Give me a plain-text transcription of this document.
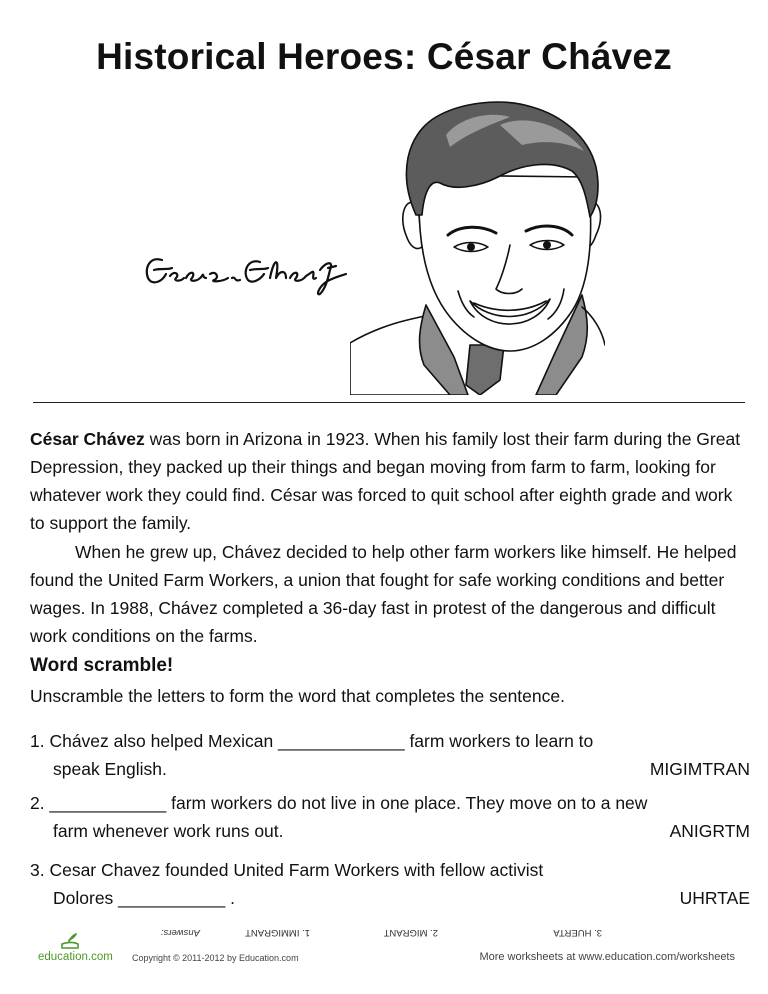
Historical Heroes: César Chávez

César Chávez was born in Arizona in 1923. When his family lost their farm during the Great Depression, they packed up their things and began moving from farm to farm, looking for whatever work they could find. César was forced to quit school after eighth grade and work to support the family.

When he grew up, Chávez decided to help other farm workers like himself. He helped found the United Farm Workers, a union that fought for safe working conditions and better wages. In 1988, Chávez completed a 36-day fast in protest of the dangerous and difficult work conditions on the farms.

Word scramble!

Unscramble the letters to form the word that completes the sentence.

1. Chávez also helped Mexican _____________ farm workers to learn to
speak English.	MIGIMTRAN
2. ____________ farm workers do not live in one place. They move on to a new
farm whenever work runs out.	ANIGRTM
3. Cesar Chavez founded United Farm Workers with fellow activist
Dolores ___________ .	UHRTAE
Answers:	1. IMMIGRANT	2. MIGRANT	3. HUERTA
education.com Copyright © 2011-2012 by Education.com	More worksheets at www.education.com/worksheets
